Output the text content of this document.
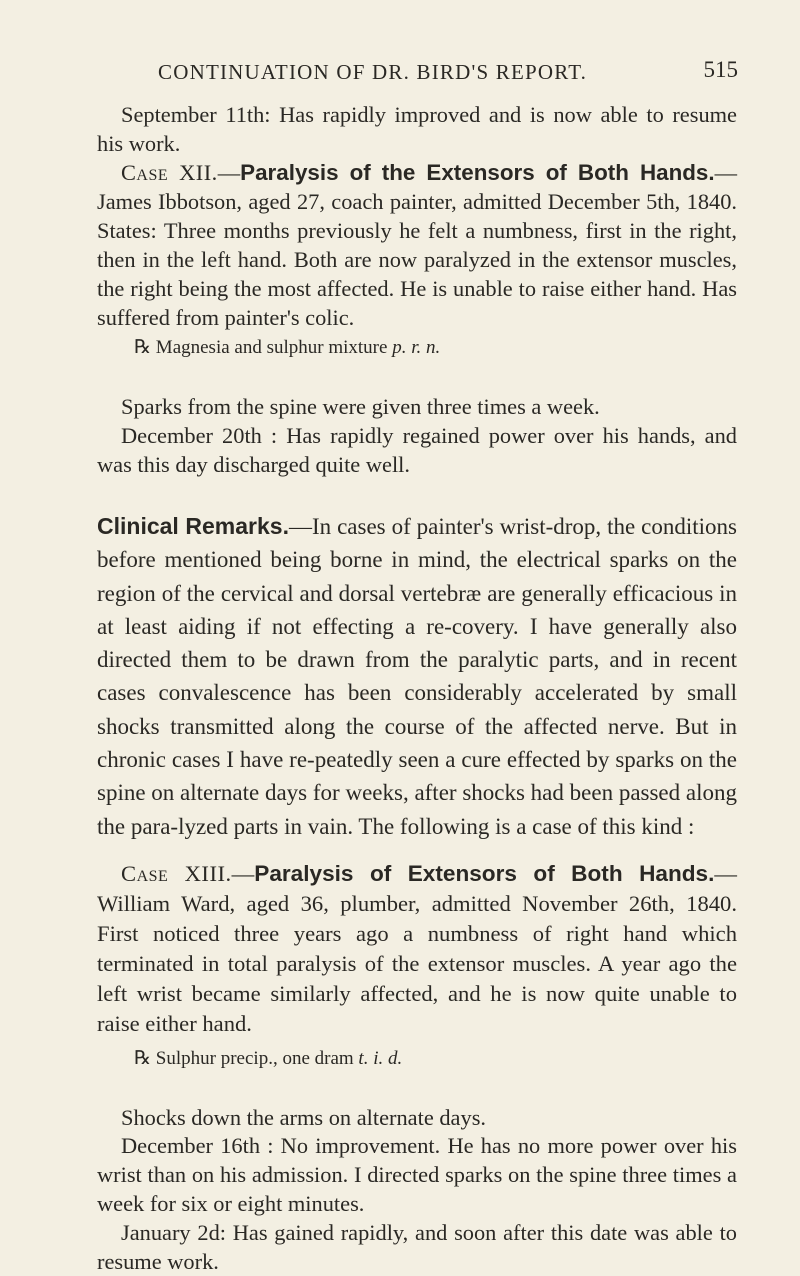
CONTINUATION OF DR. BIRD'S REPORT.	515

September 11th: Has rapidly improved and is now able to resume his work.

Case XII.—Paralysis of the Extensors of Both Hands.— James Ibbotson, aged 27, coach painter, admitted December 5th, 1840. States: Three months previously he felt a numbness, first in the right, then in the left hand. Both are now paralyzed in the extensor muscles, the right being the most affected. He is unable to raise either hand. Has suffered from painter's colic.

℞ Magnesia and sulphur mixture p. r. n.

Sparks from the spine were given three times a week.

December 20th : Has rapidly regained power over his hands, and was this day discharged quite well.

Clinical Remarks.—In cases of painter's wrist-drop, the conditions before mentioned being borne in mind, the electrical sparks on the region of the cervical and dorsal vertebræ are generally efficacious in at least aiding if not effecting a re-covery. I have generally also directed them to be drawn from the paralytic parts, and in recent cases convalescence has been considerably accelerated by small shocks transmitted along the course of the affected nerve. But in chronic cases I have re-peatedly seen a cure effected by sparks on the spine on alternate days for weeks, after shocks had been passed along the para-lyzed parts in vain. The following is a case of this kind :

Case XIII.—Paralysis of Extensors of Both Hands.— William Ward, aged 36, plumber, admitted November 26th, 1840. First noticed three years ago a numbness of right hand which terminated in total paralysis of the extensor muscles. A year ago the left wrist became similarly affected, and he is now quite unable to raise either hand.

℞ Sulphur precip., one dram t. i. d.

Shocks down the arms on alternate days.

December 16th : No improvement. He has no more power over his wrist than on his admission. I directed sparks on the spine three times a week for six or eight minutes.

January 2d: Has gained rapidly, and soon after this date was able to resume work.
